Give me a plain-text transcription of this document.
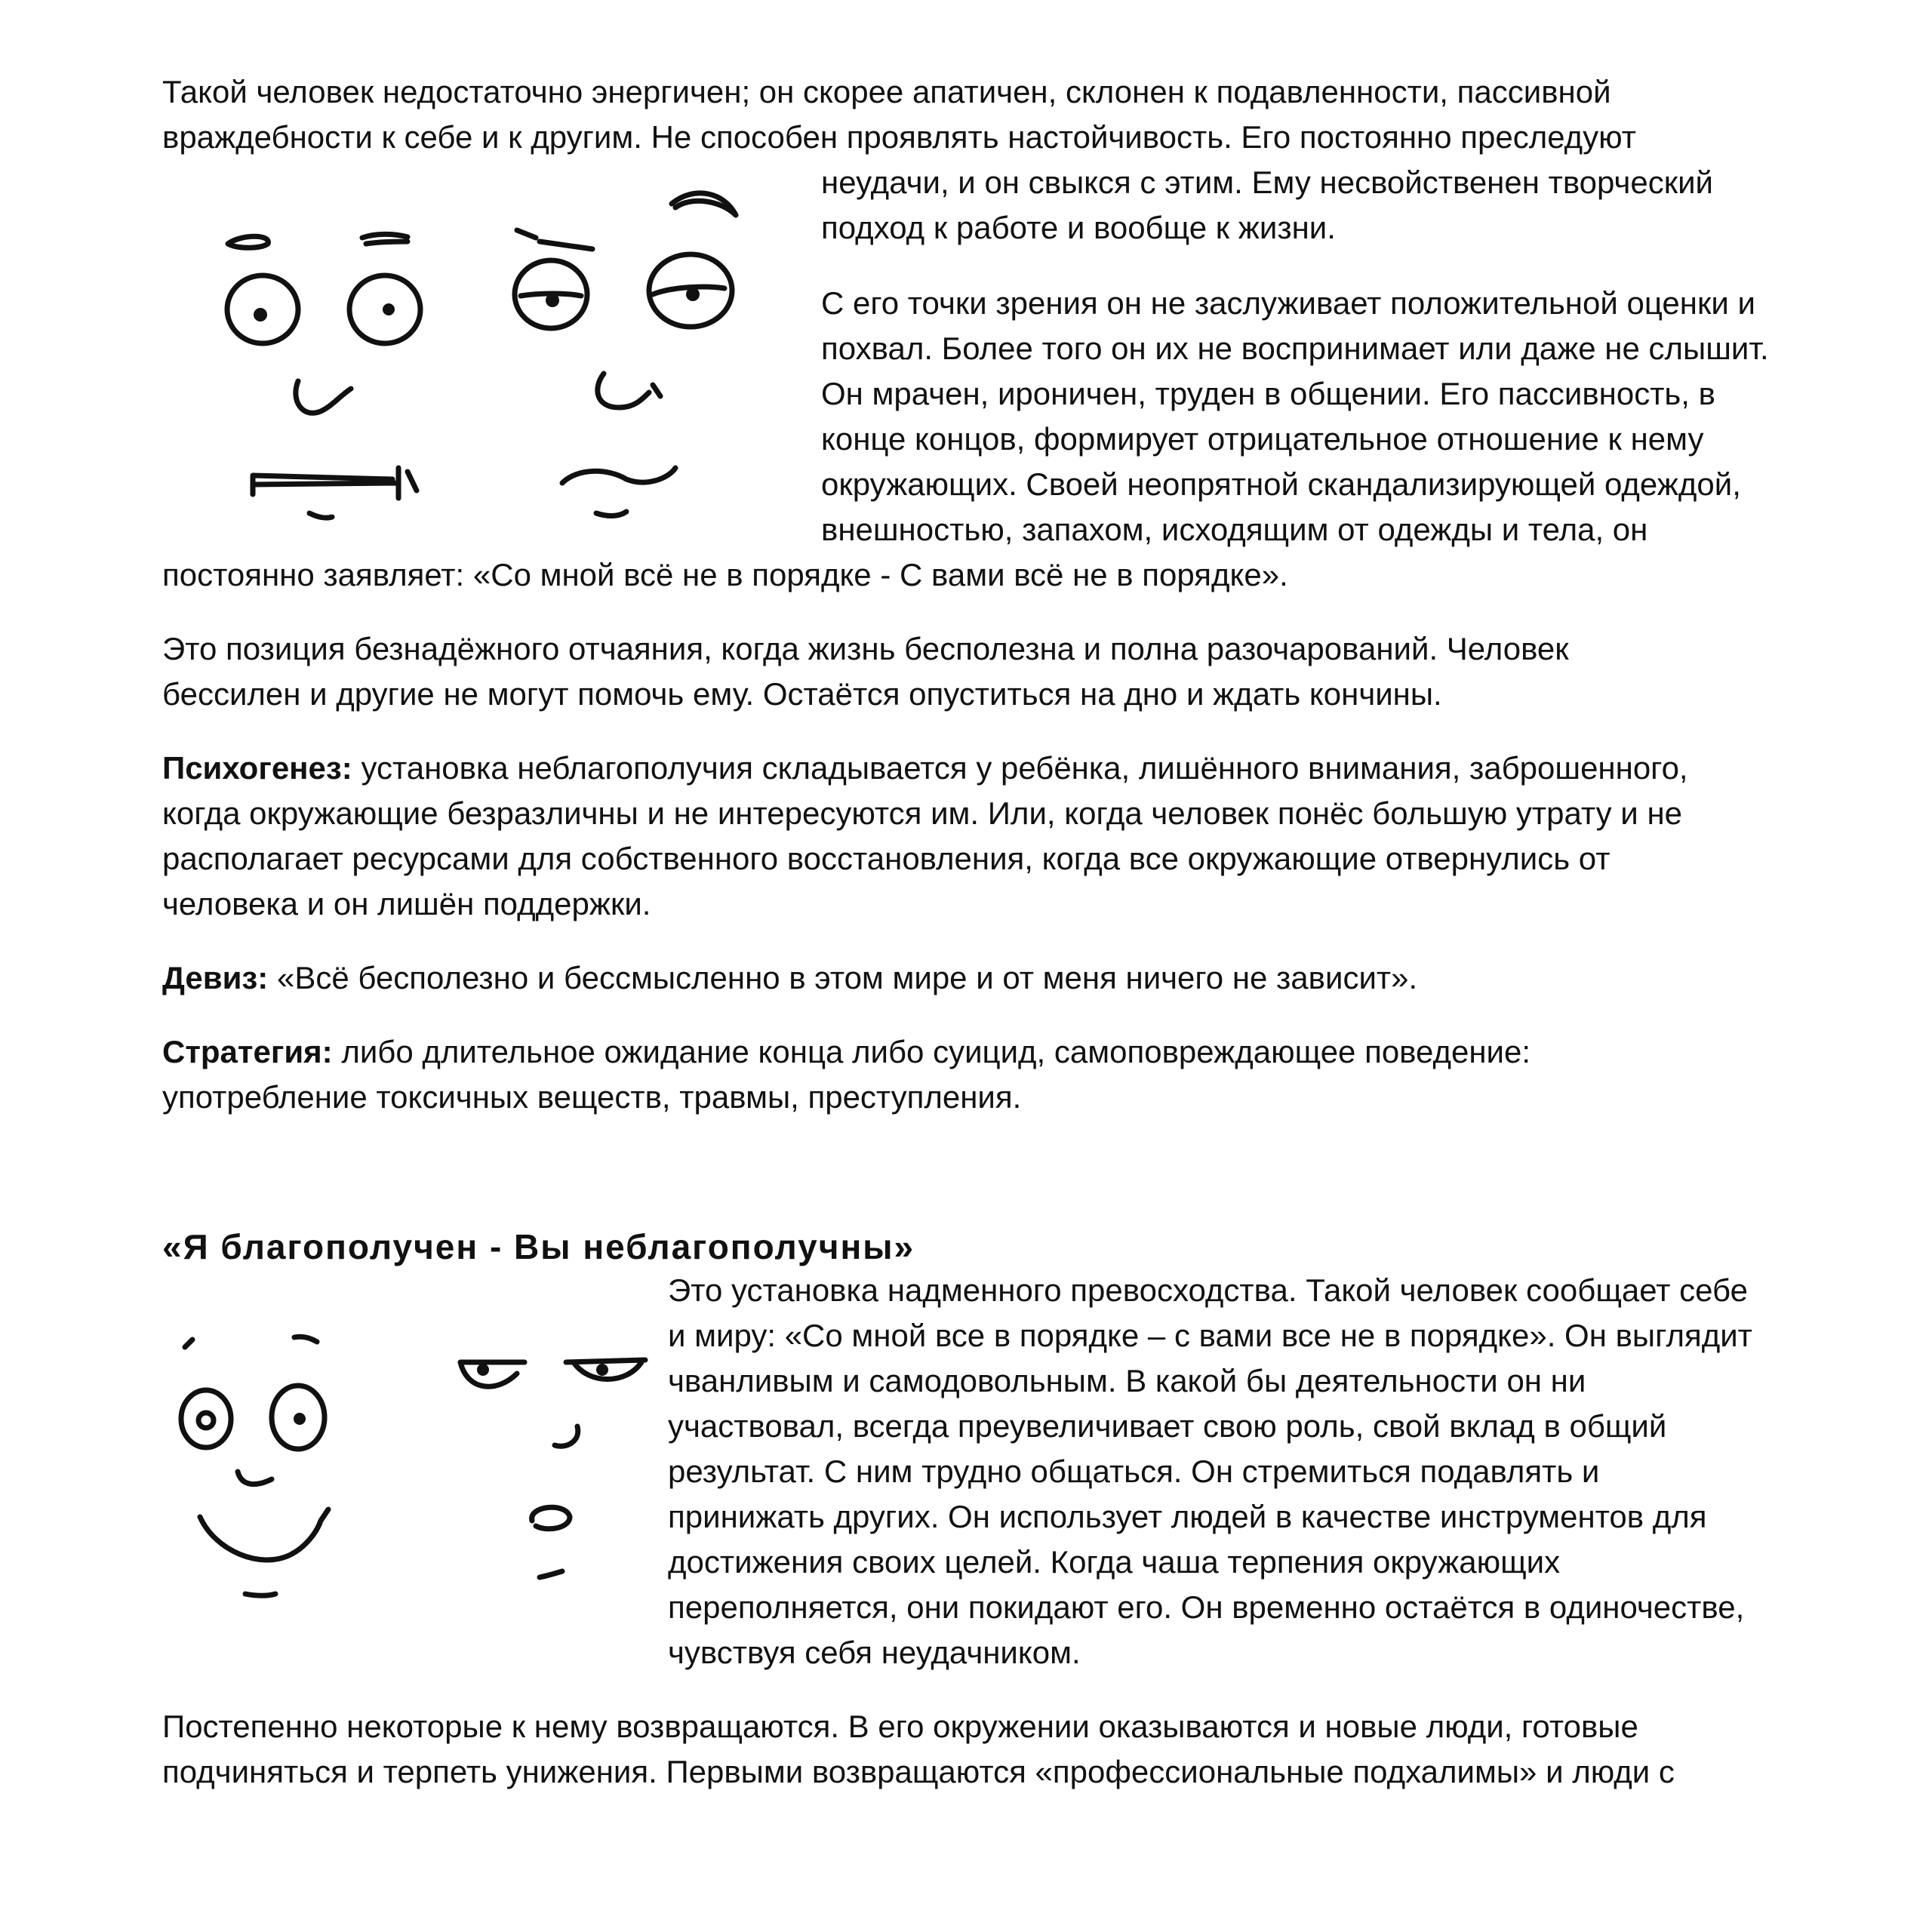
Такой человек недостаточно энергичен; он скорее апатичен, склонен к подавленности, пассивной

враждебности к себе и к другим. Не способен проявлять настойчивость. Его постоянно преследуют

неудачи, и он свыкся с этим. Ему несвойственен творческий

подход к работе и вообще к жизни.

С его точки зрения он не заслуживает положительной оценки и

похвал. Более того он их не воспринимает или даже не слышит.

Он мрачен, ироничен, труден в общении. Его пассивность, в

конце концов, формирует отрицательное отношение к нему

окружающих. Своей неопрятной скандализирующей одеждой,

внешностью, запахом, исходящим от одежды и тела, он

постоянно заявляет: «Со мной всё не в порядке - С вами всё не в порядке».

Это позиция безнадёжного отчаяния, когда жизнь бесполезна и полна разочарований. Человек

бессилен и другие не могут помочь ему. Остаётся опуститься на дно и ждать кончины.

Психогенез: установка неблагополучия складывается у ребёнка, лишённого внимания, заброшенного,

когда окружающие безразличны и не интересуются им. Или, когда человек понёс большую утрату и не

располагает ресурсами для собственного восстановления, когда все окружающие отвернулись от

человека и он лишён поддержки.

Девиз: «Всё бесполезно и бессмысленно в этом мире и от меня ничего не зависит».

Стратегия: либо длительное ожидание конца либо суицид, самоповреждающее поведение:

употребление токсичных веществ, травмы, преступления.

«Я благополучен - Вы неблагополучны»

Это установка надменного превосходства. Такой человек сообщает себе

и миру: «Со мной все в порядке – с вами все не в порядке». Он выглядит

чванливым и самодовольным. В какой бы деятельности он ни

участвовал, всегда преувеличивает свою роль, свой вклад в общий

результат. С ним трудно общаться. Он стремиться подавлять и

принижать других. Он использует людей в качестве инструментов для

достижения своих целей. Когда чаша терпения окружающих

переполняется, они покидают его. Он временно остаётся в одиночестве,

чувствуя себя неудачником.

Постепенно некоторые к нему возвращаются. В его окружении оказываются и новые люди, готовые

подчиняться и терпеть унижения. Первыми возвращаются «профессиональные подхалимы» и люди с
